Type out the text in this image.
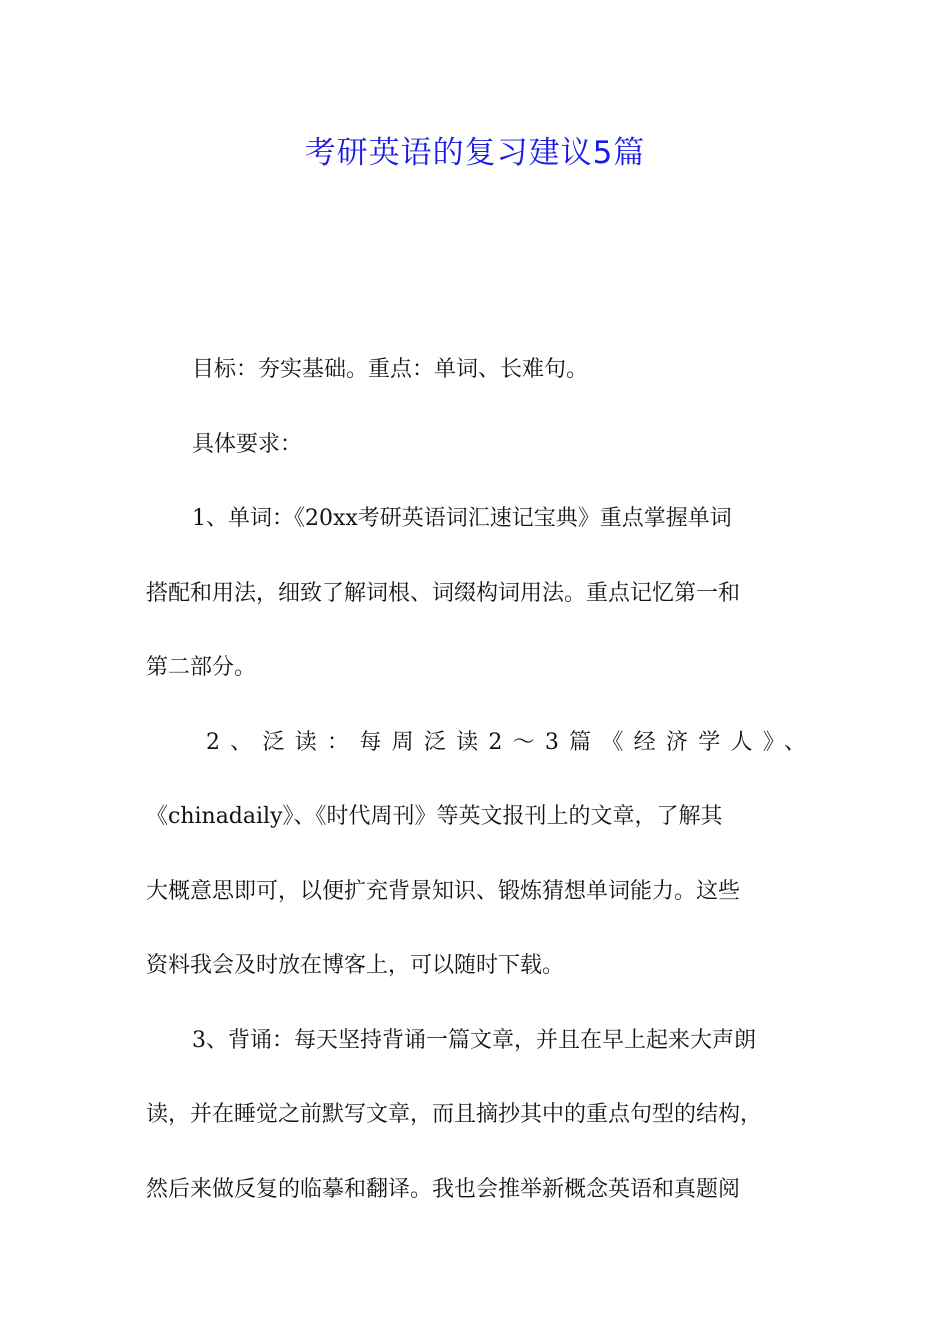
考研英语的复习建议5篇
目标：夯实基础。重点：单词、长难句。
具体要求：
1、单词：《20xx考研英语词汇速记宝典》重点掌握单词
搭配和用法，细致了解词根、词缀构词用法。重点记忆第一和
第二部分。
2、泛读：每周泛读2～3篇《经济学人》、
《chinadaily》、《时代周刊》等英文报刊上的文章，了解其
大概意思即可，以便扩充背景知识、锻炼猜想单词能力。这些
资料我会及时放在博客上，可以随时下载。
3、背诵：每天坚持背诵一篇文章，并且在早上起来大声朗
读，并在睡觉之前默写文章，而且摘抄其中的重点句型的结构，
然后来做反复的临摹和翻译。我也会推举新概念英语和真题阅
